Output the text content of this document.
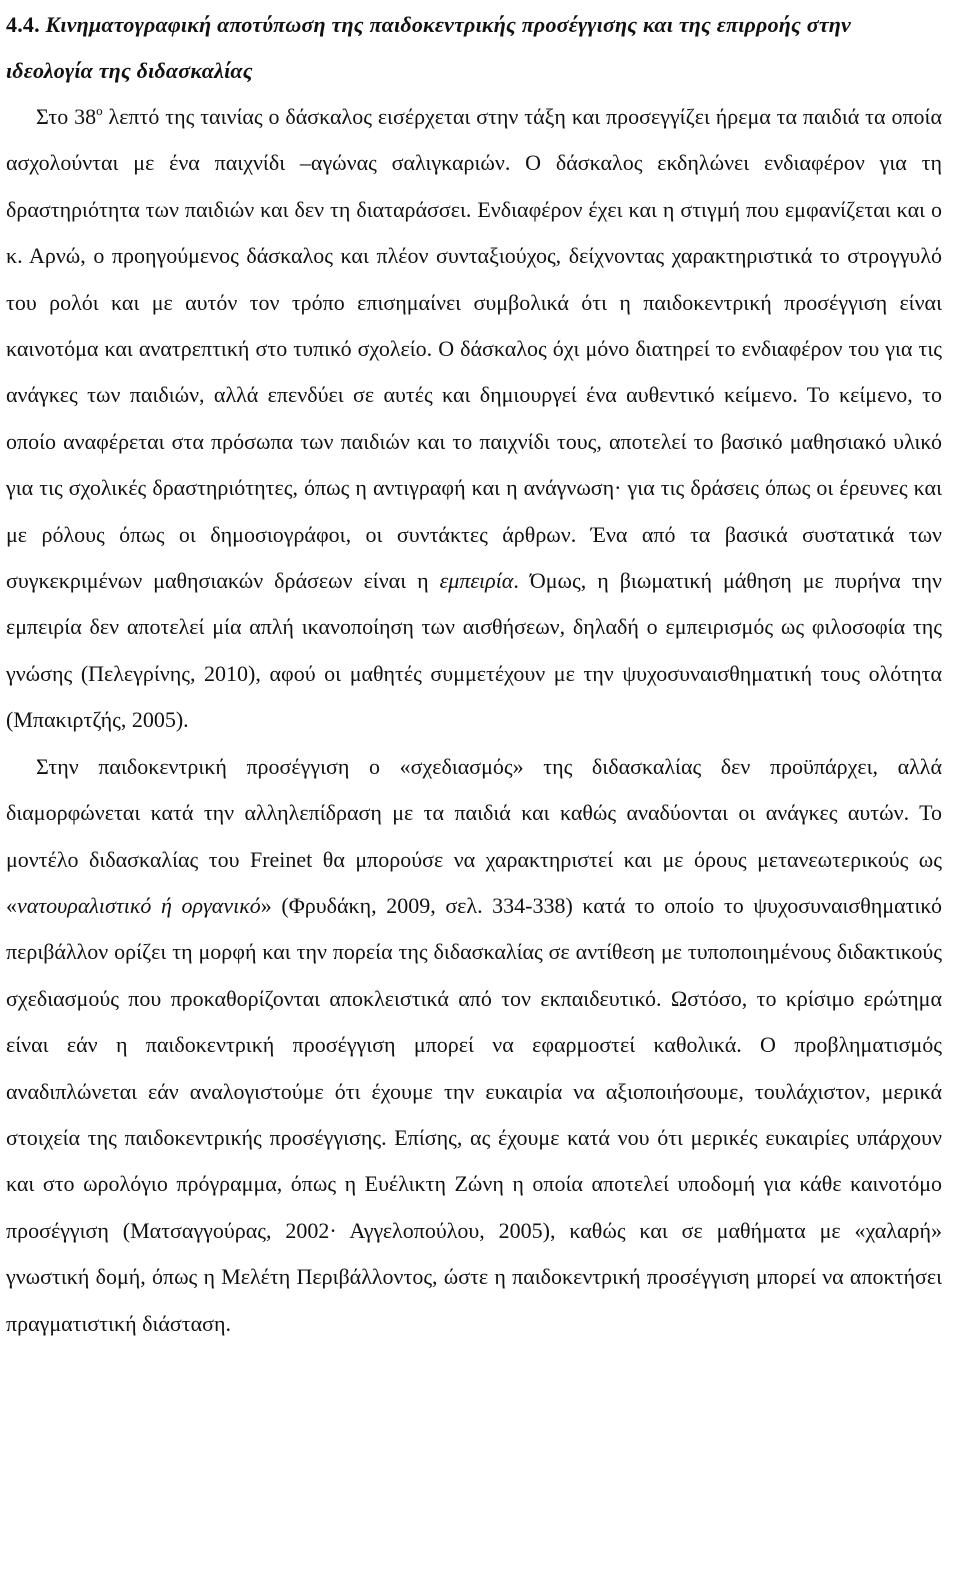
4.4. Κινηματογραφική αποτύπωση της παιδοκεντρικής προσέγγισης και της επιρροής στην ιδεολογία της διδασκαλίας

Στο $38^o$ λεπτό της ταινίας ο δάσκαλος εισέρχεται στην τάξη και προσεγγίζει ήρεμα τα παιδιά τα οποία ασχολούνται με ένα παιχνίδι –αγώνας σαλιγκαριών. Ο δάσκαλος εκδηλώνει ενδιαφέρον για τη δραστηριότητα των παιδιών και δεν τη διαταράσσει. Ενδιαφέρον έχει και η στιγμή που εμφανίζεται και ο κ. Αρνώ, ο προηγούμενος δάσκαλος και πλέον συνταξιούχος, δείχνοντας χαρακτηριστικά το στρογγυλό του ρολόι και με αυτόν τον τρόπο επισημαίνει συμβολικά ότι η παιδοκεντρική προσέγγιση είναι καινοτόμα και ανατρεπτική στο τυπικό σχολείο. Ο δάσκαλος όχι μόνο διατηρεί το ενδιαφέρον του για τις ανάγκες των παιδιών, αλλά επενδύει σε αυτές και δημιουργεί ένα αυθεντικό κείμενο. Το κείμενο, το οποίο αναφέρεται στα πρόσωπα των παιδιών και το παιχνίδι τους, αποτελεί το βασικό μαθησιακό υλικό για τις σχολικές δραστηριότητες, όπως η αντιγραφή και η ανάγνωση· για τις δράσεις όπως οι έρευνες και με ρόλους όπως οι δημοσιογράφοι, οι συντάκτες άρθρων. Ένα από τα βασικά συστατικά των συγκεκριμένων μαθησιακών δράσεων είναι η εμπειρία. Όμως, η βιωματική μάθηση με πυρήνα την εμπειρία δεν αποτελεί μία απλή ικανοποίηση των αισθήσεων, δηλαδή ο εμπειρισμός ως φιλοσοφία της γνώσης (Πελεγρίνης, 2010), αφού οι μαθητές συμμετέχουν με την ψυχοσυναισθηματική τους ολότητα (Μπακιρτζής, 2005).

Στην παιδοκεντρική προσέγγιση ο «σχεδιασμός» της διδασκαλίας δεν προϋπάρχει, αλλά διαμορφώνεται κατά την αλληλεπίδραση με τα παιδιά και καθώς αναδύονται οι ανάγκες αυτών. Το μοντέλο διδασκαλίας του Freinet θα μπορούσε να χαρακτηριστεί και με όρους μετανεωτερικούς ως «νατουραλιστικό ή οργανικό» (Φρυδάκη, 2009, σελ. 334-338) κατά το οποίο το ψυχοσυναισθηματικό περιβάλλον ορίζει τη μορφή και την πορεία της διδασκαλίας σε αντίθεση με τυποποιημένους διδακτικούς σχεδιασμούς που προκαθορίζονται αποκλειστικά από τον εκπαιδευτικό. Ωστόσο, το κρίσιμο ερώτημα είναι εάν η παιδοκεντρική προσέγγιση μπορεί να εφαρμοστεί καθολικά. Ο προβληματισμός αναδιπλώνεται εάν αναλογιστούμε ότι έχουμε την ευκαιρία να αξιοποιήσουμε, τουλάχιστον, μερικά στοιχεία της παιδοκεντρικής προσέγγισης. Επίσης, ας έχουμε κατά νου ότι μερικές ευκαιρίες υπάρχουν και στο ωρολόγιο πρόγραμμα, όπως η Ευέλικτη Ζώνη η οποία αποτελεί υποδομή για κάθε καινοτόμο προσέγγιση (Ματσαγγούρας, 2002· Αγγελοπούλου, 2005), καθώς και σε μαθήματα με «χαλαρή» γνωστική δομή, όπως η Μελέτη Περιβάλλοντος, ώστε η παιδοκεντρική προσέγγιση μπορεί να αποκτήσει πραγματιστική διάσταση.
